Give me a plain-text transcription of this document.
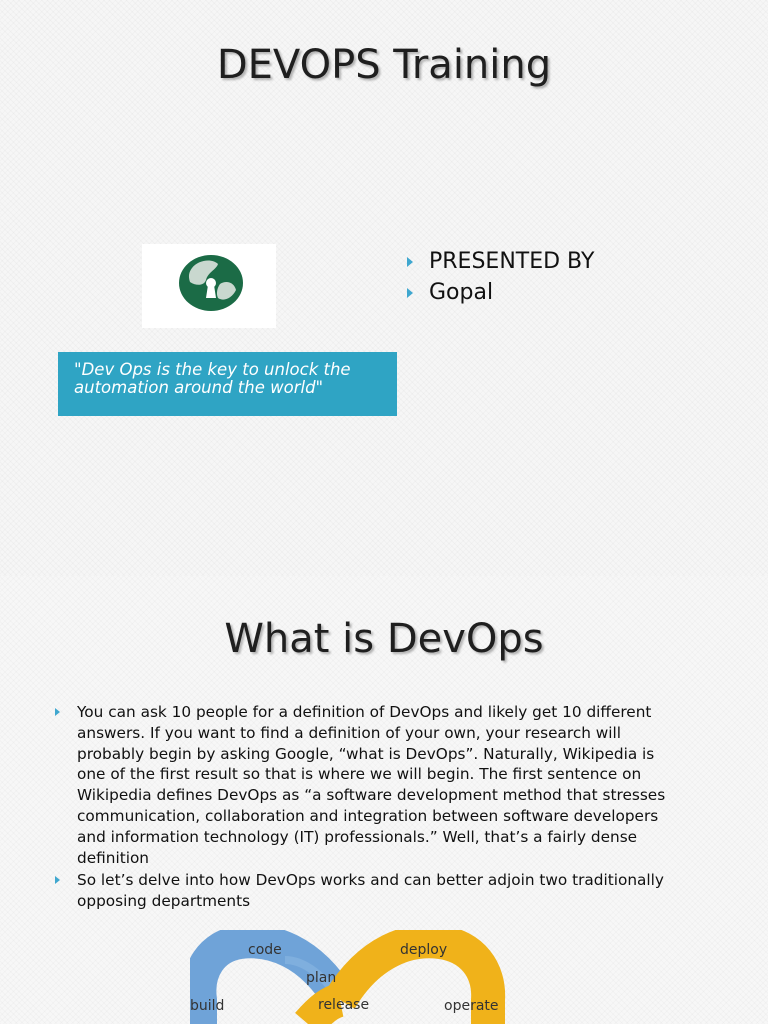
DEVOPS Training
PRESENTED BY
Gopal

"Dev Ops is the key to unlock the

automation around the world"

What is DevOps
You can ask 10 people for a definition of DevOps and likely get 10 different
answers. If you want to find a definition of your own, your research will
probably begin by asking Google, “what is DevOps”. Naturally, Wikipedia is
one of the first result so that is where we will begin. The first sentence on
Wikipedia defines DevOps as “a software development method that stresses
communication, collaboration and integration between software developers
and information technology (IT) professionals.” Well, that’s a fairly dense
definition
So let’s delve into how DevOps works and can better adjoin two traditionally
opposing departments
code
plan
build	release
deploy
operate
